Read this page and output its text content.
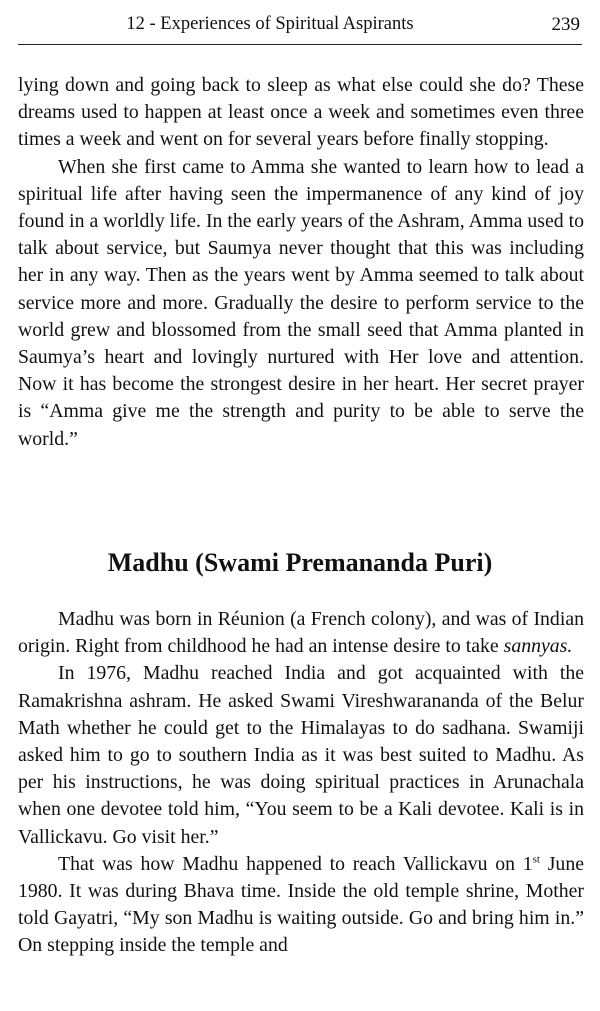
12 - Experiences of Spiritual Aspirants	239

lying down and going back to sleep as what else could she do? These dreams used to happen at least once a week and sometimes even three times a week and went on for several years before finally stopping.

When she first came to Amma she wanted to learn how to lead a spiritual life after having seen the impermanence of any kind of joy found in a worldly life. In the early years of the Ashram, Amma used to talk about service, but Saumya never thought that this was including her in any way. Then as the years went by Amma seemed to talk about service more and more. Gradually the desire to perform service to the world grew and blossomed from the small seed that Amma planted in Saumya’s heart and lovingly nurtured with Her love and attention. Now it has become the strongest desire in her heart. Her secret prayer is “Amma give me the strength and purity to be able to serve the world.”

Madhu (Swami Premananda Puri)

Madhu was born in Réunion (a French colony), and was of Indian origin. Right from childhood he had an intense desire to take sannyas.

In 1976, Madhu reached India and got acquainted with the Ramakrishna ashram. He asked Swami Vireshwarananda of the Belur Math whether he could get to the Himalayas to do sadhana. Swamiji asked him to go to southern India as it was best suited to Madhu. As per his instructions, he was doing spiritual practices in Arunachala when one devotee told him, “You seem to be a Kali devotee. Kali is in Vallickavu. Go visit her.”

That was how Madhu happened to reach Vallickavu on 1st June 1980. It was during Bhava time. Inside the old temple shrine, Mother told Gayatri, “My son Madhu is waiting outside. Go and bring him in.” On stepping inside the temple and
